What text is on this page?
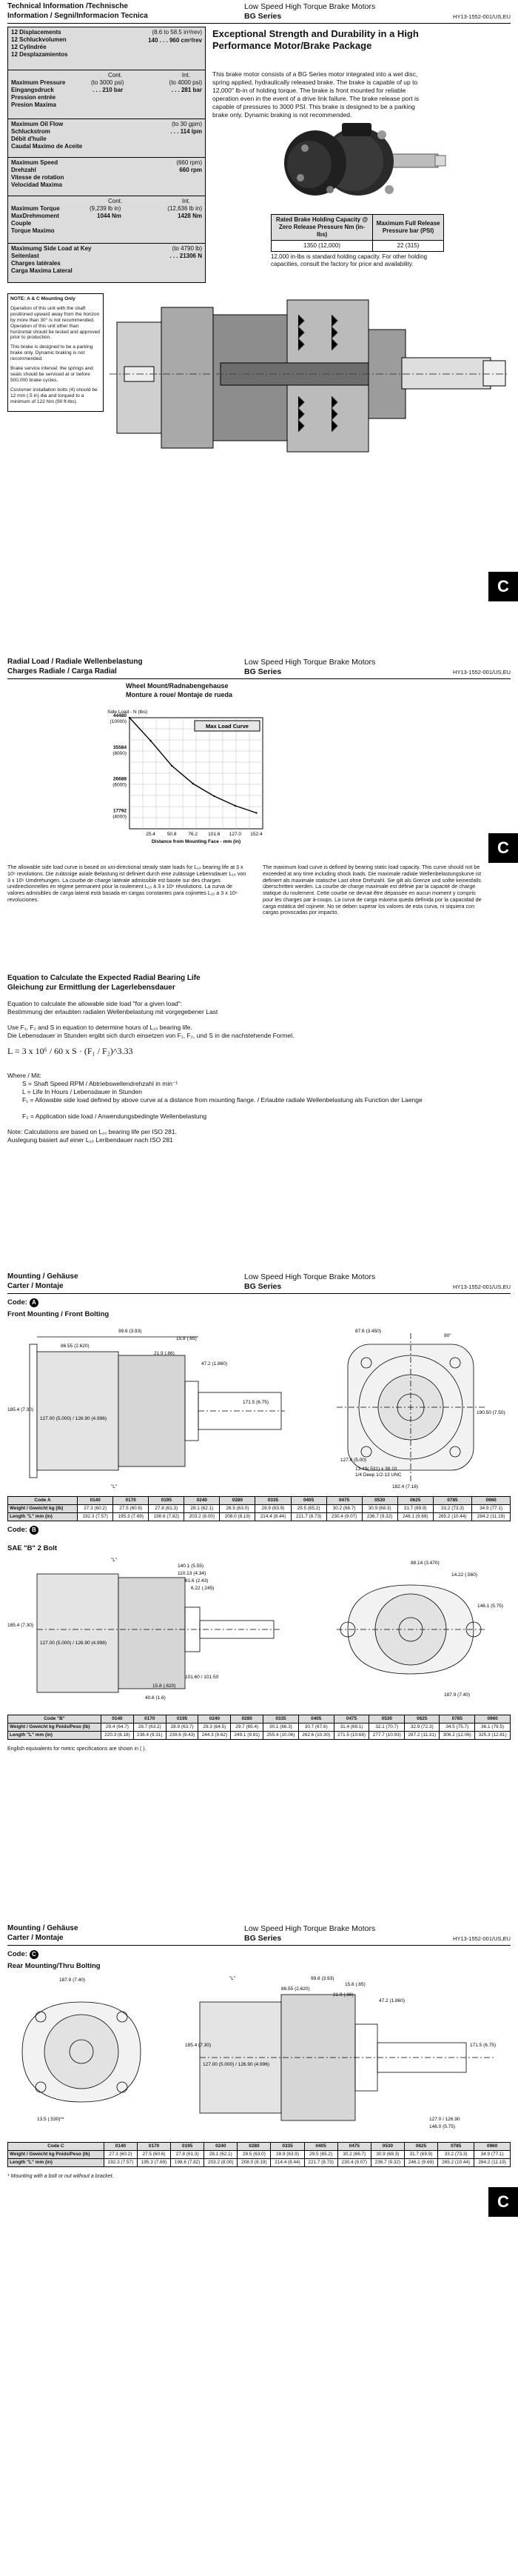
Technical Information /Technische
Information / Segni/Informacion Tecnica
Low Speed High Torque Brake Motors
BG Series	HY13-1552-001/US,EU
12 Displacements
12 Schluckvolumen
12 Cylindrée
12 Desplazamientos
(8.6 to 58.5 in³/rev)
140 . . . 960 cm³/rev
Cont.	Int.
Maximum Pressure
Eingangsdruck
Pression entrée
Presion Maxima
(to 3000 psi)	(to 4000 psi)
. . . 210 bar	. . . 281 bar
Maximum Oil Flow
Schluckstrom
Débit d'huile
Caudal Maximo de Aceite
(to 30 gpm)
. . . 114 lpm
Maximum Speed
Drehzahl
Vitesse de rotation
Velocidad Maxima
(660 rpm)
660 rpm
Cont.	Int.
Maximum Torque
MaxDrehmoment
Couple
Torque Maximo
(9,239 lb in)	(12,636 lb in)
1044 Nm	1428 Nm
Maximumg Side Load at Key
Seitenlast
Charges latérales
Carga Maxima Lateral
(to 4790 lb)
. . . 21306 N
Exceptional Strength and Durability in a High Performance Motor/Brake Package
This brake motor consists of a BG Series motor integrated into a wet disc, spring applied, hydraulically released brake. The brake is capable of up to 12,000" lb-in of holding torque. The brake is front mounted for reliable operation even in the event of a drive link failure. The brake release port is capable of pressures to 3000 PSI. This brake is designed to be a parking brake only. Dynamic braking is not recommended.
Rated Brake Holding Capacity @ Zero Release Pressure Nm (in-lbs)	Maximum Full Release Pressure bar (PSI)
1350 (12,000)	22 (315)
12,000 in-lbs is standard holding capacity. For other holding capacities, consult the factory for price and availability.

NOTE: A & C Mounting Only

Operation of this unit with the shaft positioned upward away from the horizon by more than 30° is not recommended. Operation of this unit other than horizontal should be tested and approved prior to production.

This brake is designed to be a parking brake only. Dynamic braking is not recommended.

Brake service interval: the springs and seals should be serviced at or before 500,000 brake cycles.

Customer installation bolts (4) should be 12 mm (.5 in) dia and torqued to a minimum of 122 Nm (90 ft-lbs).

C
Radial Load / Radiale Wellenbelastung
Charges Radiale / Carga Radial
Low Speed High Torque Brake Motors
BG Series	HY13-1552-001/US,EU
Wheel Mount/Radnabengehause
Monture à roue/ Montaje de rueda
17792
(4000)
26688
(6000)
35584
(8000)
44480
(10000)
25.4 50.8 76.2 101.6 127.0 152.4
Side Load - N (lbs)
Distance from Mounting Face - mm (in)
Max Load Curve
The allowable side load curve is based on uni-directional steady state loads for L₁₀ bearing life at 3 x 10⁶ revolutions. Die zulässige axiale Belastung ist definiert durch eine zulässige Lebensdauer L₁₀ von 3 x 10⁶ Umdrehungen. La courbe de charge latérale admissible est basée sur des charges unidirectionnelles en régime permanent pour la roulement L₁₀ à 3 x 10⁶ révolutions. La curva de valores admisibles de carga lateral está basada en cargas constantes para cojinetes L₁₀ a 3 x 10⁶ revoluciones.
The maximum load curve is defined by bearing static load capacity. This curve should not be exceeded at any time including shock loads. Die maximale radiale Wellenbelastungskurve ist definiert als maximale statische Last ohne Drehzahl. Sie gilt als Grenze und sollte keinesfalls überschritten werden. La courbe de charge maximale est définie par la capacité de charge statique du roulement. Cette courbe ne devrait être dépassée en aucun moment y compris pour les charges par à-coups. La curva de carga máxima queda definida por la capacidad de carga estática del cojinete. No se deben superar los valores de esta curva, ni siquiera con cargas provocadas por impacto.
Equation to Calculate the Expected Radial Bearing Life
Gleichung zur Ermittlung der Lagerlebensdauer
Equation to calculate the allowable side load "for a given load":
Bestimmung der erlaubten radialen Wellenbelastung mit vorgegebener Last
Use F₁, F₂ and S in equation to determine hours of L₁₀ bearing life.
Die Lebensdauer in Stunden ergibt sich durch einsetzen von F₁, F₂, und S in die nachstehende Formel.
L = 3 x 10⁶ / 60 x S · (F₁ / F₂)^3.33
Where / Mit:
S = Shaft Speed RPM / Abtriebswellendrehzahl in min⁻¹
L = Life In Hours / Lebensdauer in Stunden
F₁ = Allowable side load defined by above curve at a distance from mounting flange. / Erlaubte radiale Wellenbelastung als Function der Laenge
F₂ = Application side load / Anwendungsbedingte Wellenbelastung
Note: Calculations are based on L₁₀ bearing life per ISO 281.
Auslegung basiert auf einer L₁₀ Leribendauer nach ISO 281
C
Mounting / Gehäuse
Carter / Montaje
Low Speed High Torque Brake Motors
BG Series	HY13-1552-001/US,EU
Code: A
Front Mounting / Front Bolting
99.6 (3.93)
15.8 (.65)
86.55 (2.620)
21.9 (.86)
47.2 (1.860)
185.4 (7.30)
127.00 (5.000) / 126.90 (4.996)
171.5 (6.75)
"L"
87.6 (3.450)
90°
190.50 (7.50)
127.0 (5.00)
13.49(.531) x 38.10
1/4 Deep 1/2-13 UNC
182.4 (7.18)
Code A	0140	0170	0195	0240	0280	0335	0405	0475	0530	0625	0785	0960
Weight / Gewicht kg (lb)	27.3 (60.2)	27.5 (60.6)	27.8 (61.3)	28.1 (62.1)	28.5 (63.0)	28.9 (63.9)	29.5 (65.2)	30.2 (66.7)	30.9 (68.3)	31.7 (69.9)	33.2 (73.3)	34.9 (77.1)
Length "L" mm (in)	192.3 (7.57)	195.3 (7.69)	198.6 (7.82)	203.2 (8.00)	208.0 (8.19)	214.4 (8.44)	221.7 (8.73)	230.4 (9.07)	236.7 (9.32)	246.1 (9.69)	265.2 (10.44)	284.2 (11.19)
Code: B
SAE "B" 2 Bolt
"L"
140.1 (5.55)
110.13 (4.34)
61.6 (2.43)
6.22 (.245)
185.4 (7.30)
127.00 (5.000) / 126.90 (4.998)
15.8 (.620)
101.60 / 101.50
40.6 (1.6)
88.14 (3.470)
14.22 (.560)
146.1 (5.75)
187.9 (7.40)
Code "B"	0140	0170	0195	0240	0280	0335	0405	0475	0530	0625	0785	0960
Weight / Gewicht kg Poids/Peso (lb)	29.4 (64.7)	28.7 (63.2)	28.9 (63.7)	29.3 (64.5)	29.7 (65.4)	30.1 (66.3)	30.7 (67.6)	31.4 (69.1)	32.1 (70.7)	32.9 (72.3)	34.5 (75.7)	36.1 (79.5)
Length "L" mm (in)	220.3 (8.18)	236.4 (9.31)	239.6 (9.43)	244.3 (9.62)	249.1 (9.81)	255.4 (10.06)	262.6 (10.30)	271.5 (10.68)	277.7 (10.93)	287.2 (11.31)	306.2 (12.06)	325.3 (12.81)
English equivalents for metric specifications are shown in ( ).
Mounting / Gehäuse
Carter / Montaje
Low Speed High Torque Brake Motors
BG Series	HY13-1552-001/US,EU
Code: C
Rear Mounting/Thru Bolting
187.9 (7.40)
13.5 (.530)**
"L"	99.8 (3.93)
15.8 (.65)
86.55 (2.620)
21.9 (.86)
47.2 (1.860)
185.4 (7.30)
127.00 (5.000) / 126.90 (4.996)
171.5 (6.75)
127.0 / 126.90
146.0 (5.75)
Code C	0140	0170	0195	0240	0280	0335	0405	0475	0530	0625	0785	0960
Weight / Gewicht kg Poids/Peso (lb)	27.3 (60.2)	27.5 (60.6)	27.8 (61.3)	28.1 (62.1)	28.5 (63.0)	28.9 (63.9)	29.5 (65.2)	30.2 (66.7)	30.9 (68.3)	31.7 (69.9)	33.2 (73.3)	34.9 (77.1)
Length "L" mm (in)	192.3 (7.57)	195.3 (7.69)	198.6 (7.82)	203.2 (8.00)	208.0 (8.19)	214.4 (8.44)	221.7 (8.73)	230.4 (9.07)	236.7 (9.32)	246.1 (9.69)	265.2 (10.44)	284.2 (11.19)
* Mounting with a bolt or nut without a bracket.
C
